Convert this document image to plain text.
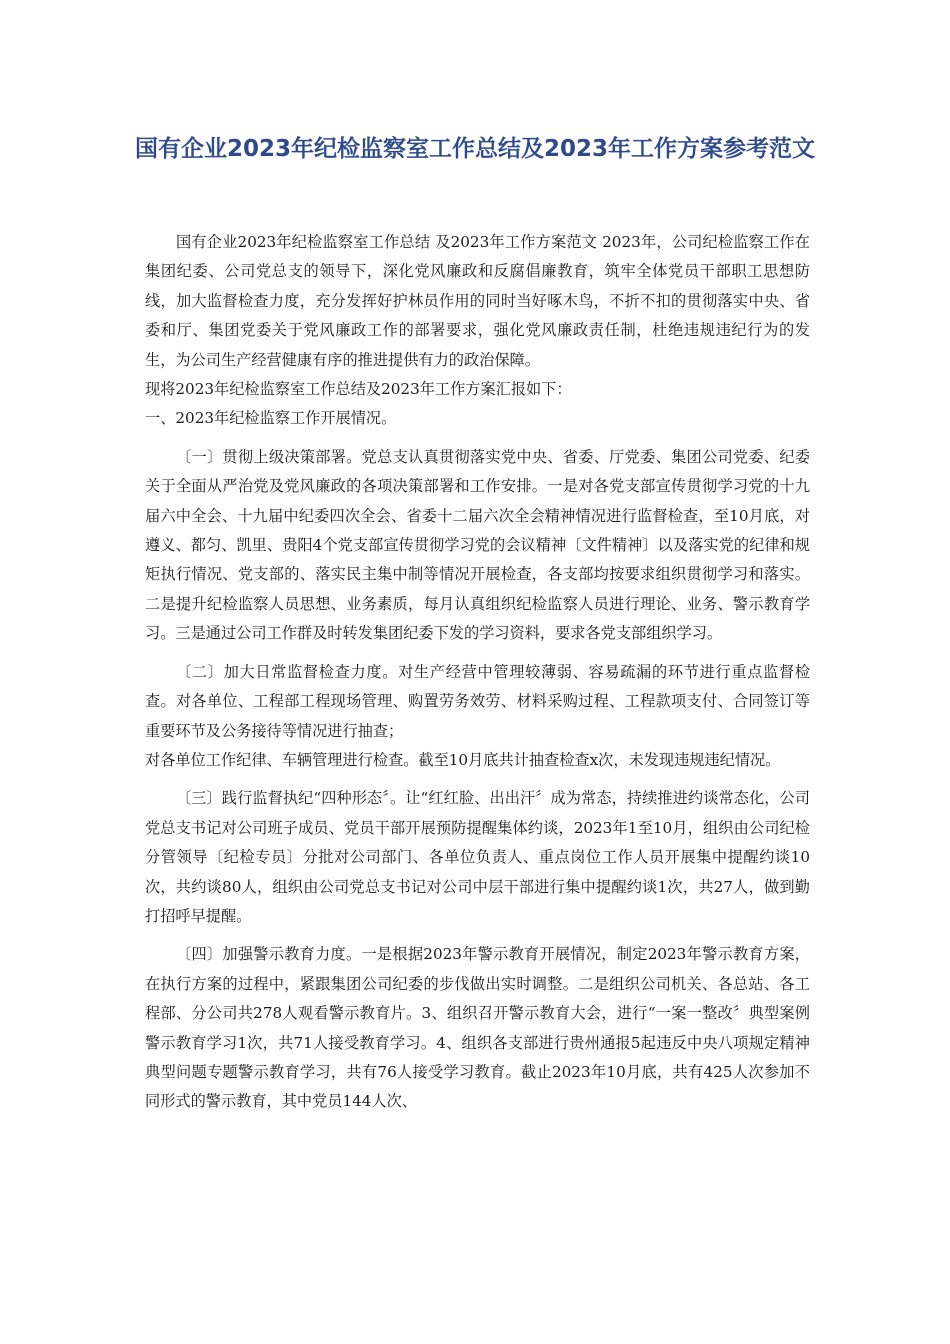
国有企业2023年纪检监察室工作总结及2023年工作方案参考范文

国有企业2023年纪检监察室工作总结 及2023年工作方案范文 2023年，公司纪检监察工作在集团纪委、公司党总支的领导下，深化党风廉政和反腐倡廉教育，筑牢全体党员干部职工思想防线，加大监督检查力度，充分发挥好护林员作用的同时当好啄木鸟，不折不扣的贯彻落实中央、省委和厅、集团党委关于党风廉政工作的部署要求，强化党风廉政责任制，杜绝违规违纪行为的发生，为公司生产经营健康有序的推进提供有力的政治保障。

现将2023年纪检监察室工作总结及2023年工作方案汇报如下：

一、2023年纪检监察工作开展情况。

〔一〕贯彻上级决策部署。党总支认真贯彻落实党中央、省委、厅党委、集团公司党委、纪委关于全面从严治党及党风廉政的各项决策部署和工作安排。一是对各党支部宣传贯彻学习党的十九届六中全会、十九届中纪委四次全会、省委十二届六次全会精神情况进行监督检查，至10月底，对遵义、都匀、凯里、贵阳4个党支部宣传贯彻学习党的会议精神〔文件精神〕以及落实党的纪律和规矩执行情况、党支部的、落实民主集中制等情况开展检查，各支部均按要求组织贯彻学习和落实。二是提升纪检监察人员思想、业务素质，每月认真组织纪检监察人员进行理论、业务、警示教育学习。三是通过公司工作群及时转发集团纪委下发的学习资料，要求各党支部组织学习。

〔二〕加大日常监督检查力度。对生产经营中管理较薄弱、容易疏漏的环节进行重点监督检查。对各单位、工程部工程现场管理、购置劳务效劳、材料采购过程、工程款项支付、合同签订等重要环节及公务接待等情况进行抽查；

对各单位工作纪律、车辆管理进行检查。截至10月底共计抽查检查x次，未发现违规违纪情况。

〔三〕践行监督执纪“四种形态〞。让“红红脸、出出汗〞成为常态，持续推进约谈常态化，公司党总支书记对公司班子成员、党员干部开展预防提醒集体约谈，2023年1至10月，组织由公司纪检分管领导〔纪检专员〕分批对公司部门、各单位负责人、重点岗位工作人员开展集中提醒约谈10次，共约谈80人，组织由公司党总支书记对公司中层干部进行集中提醒约谈1次，共27人，做到勤打招呼早提醒。

〔四〕加强警示教育力度。一是根据2023年警示教育开展情况，制定2023年警示教育方案，在执行方案的过程中，紧跟集团公司纪委的步伐做出实时调整。二是组织公司机关、各总站、各工程部、分公司共278人观看警示教育片。3、组织召开警示教育大会，进行“一案一整改〞典型案例警示教育学习1次，共71人接受教育学习。4、组织各支部进行贵州通报5起违反中央八项规定精神典型问题专题警示教育学习，共有76人接受学习教育。截止2023年10月底，共有425人次参加不同形式的警示教育，其中党员144人次、
